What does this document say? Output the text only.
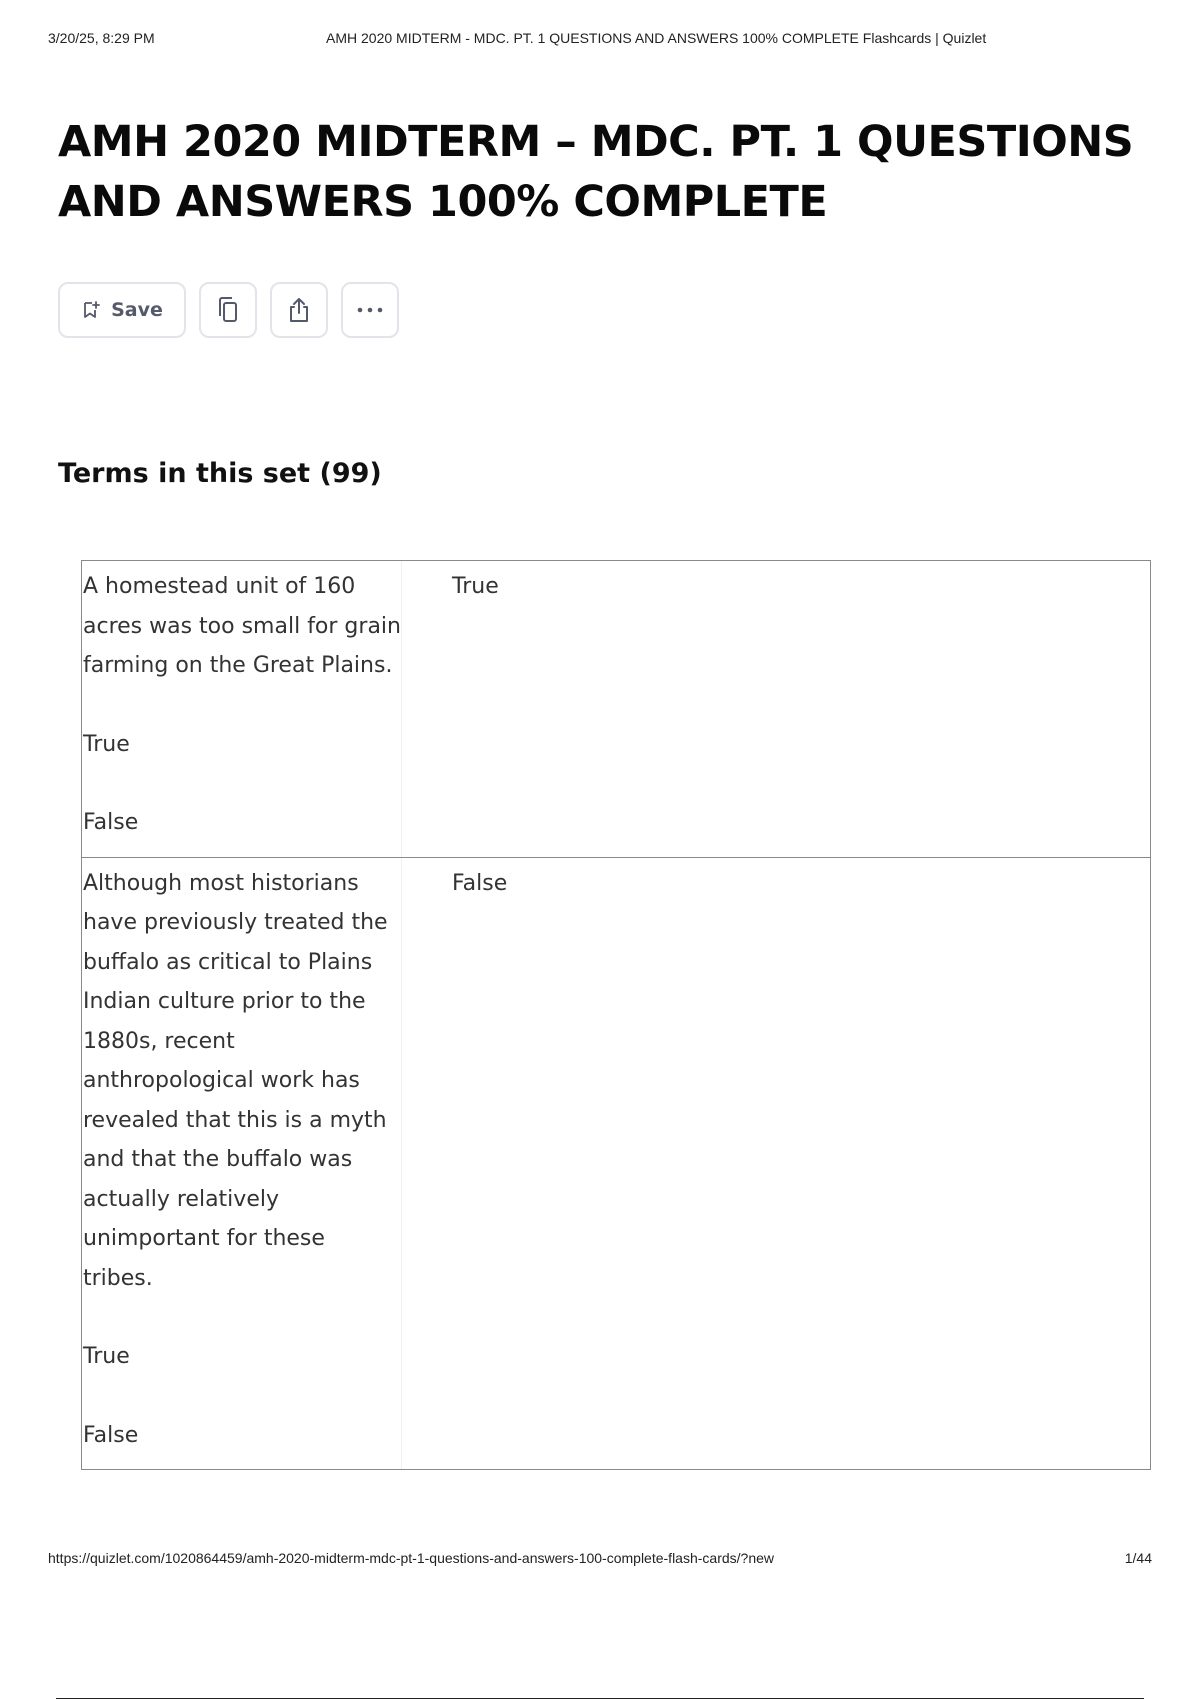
3/20/25, 8:29 PM	AMH 2020 MIDTERM - MDC. PT. 1 QUESTIONS AND ANSWERS 100% COMPLETE Flashcards | Quizlet
AMH 2020 MIDTERM – MDC. PT. 1 QUESTIONS AND ANSWERS 100% COMPLETE
Save
Terms in this set (99)

A homestead unit of 160 acres was too small for grain farming on the Great Plains.

True

False

True

Although most historians have previously treated the buffalo as critical to Plains Indian culture prior to the 1880s, recent anthropological work has revealed that this is a myth and that the buffalo was actually relatively unimportant for these tribes.

True

False

False
https://quizlet.com/1020864459/amh-2020-midterm-mdc-pt-1-questions-and-answers-100-complete-flash-cards/?new	1/44
